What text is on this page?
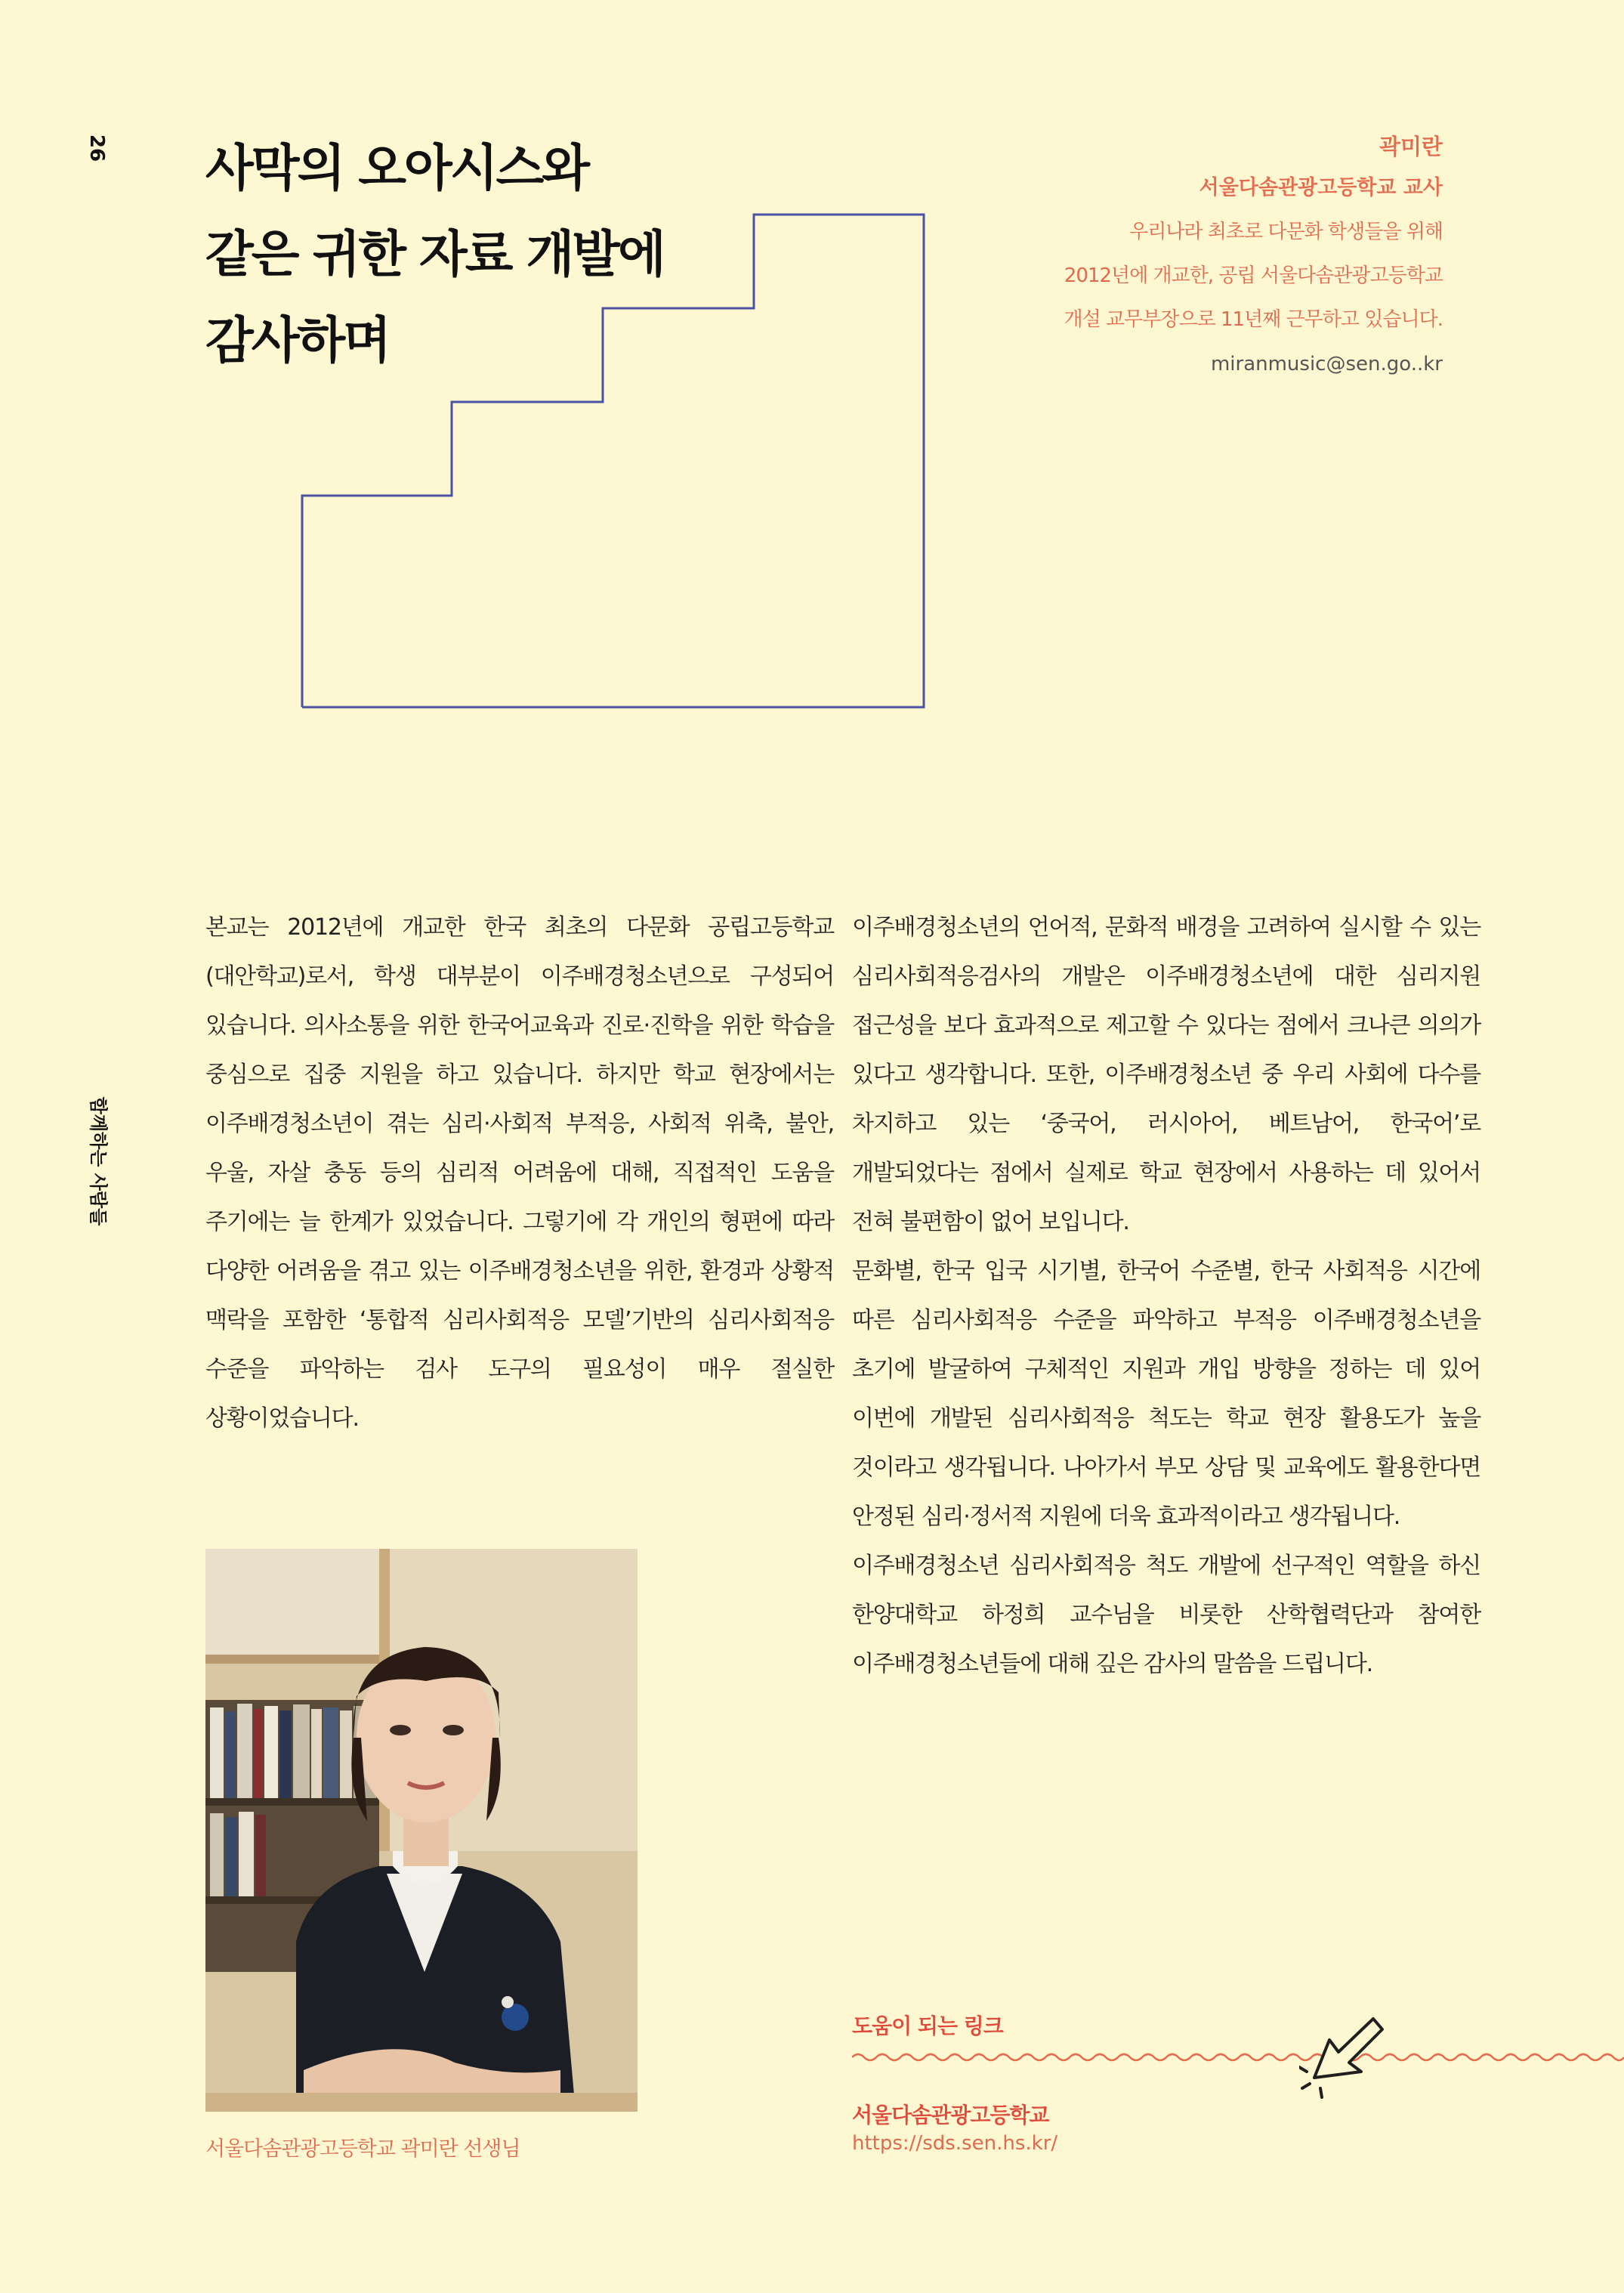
26
함께하는 사람들
사막의 오아시스와
같은 귀한 자료 개발에
감사하며
곽미란
서울다솜관광고등학교 교사
우리나라 최초로 다문화 학생들을 위해
2012년에 개교한, 공립 서울다솜관광고등학교
개설 교무부장으로 11년째 근무하고 있습니다.
miranmusic@sen.go..kr

본교는 2012년에 개교한 한국 최초의 다문화 공립고등학교(대안학교)로서, 학생 대부분이 이주배경청소년으로 구성되어 있습니다. 의사소통을 위한 한국어교육과 진로·진학을 위한 학습을 중심으로 집중 지원을 하고 있습니다. 하지만 학교 현장에서는 이주배경청소년이 겪는 심리·사회적 부적응, 사회적 위축, 불안, 우울, 자살 충동 등의 심리적 어려움에 대해, 직접적인 도움을 주기에는 늘 한계가 있었습니다. 그렇기에 각 개인의 형편에 따라 다양한 어려움을 겪고 있는 이주배경청소년을 위한, 환경과 상황적 맥락을 포함한 ‘통합적 심리사회적응 모델’기반의 심리사회적응 수준을 파악하는 검사 도구의 필요성이 매우 절실한 상황이었습니다.

이주배경청소년의 언어적, 문화적 배경을 고려하여 실시할 수 있는 심리사회적응검사의 개발은 이주배경청소년에 대한 심리지원 접근성을 보다 효과적으로 제고할 수 있다는 점에서 크나큰 의의가 있다고 생각합니다. 또한, 이주배경청소년 중 우리 사회에 다수를 차지하고 있는 ‘중국어, 러시아어, 베트남어, 한국어’로 개발되었다는 점에서 실제로 학교 현장에서 사용하는 데 있어서 전혀 불편함이 없어 보입니다.

문화별, 한국 입국 시기별, 한국어 수준별, 한국 사회적응 시간에 따른 심리사회적응 수준을 파악하고 부적응 이주배경청소년을 초기에 발굴하여 구체적인 지원과 개입 방향을 정하는 데 있어 이번에 개발된 심리사회적응 척도는 학교 현장 활용도가 높을 것이라고 생각됩니다. 나아가서 부모 상담 및 교육에도 활용한다면 안정된 심리·정서적 지원에 더욱 효과적이라고 생각됩니다.

이주배경청소년 심리사회적응 척도 개발에 선구적인 역할을 하신 한양대학교 하정희 교수님을 비롯한 산학협력단과 참여한 이주배경청소년들에 대해 깊은 감사의 말씀을 드립니다.

서울다솜관광고등학교 곽미란 선생님
도움이 되는 링크
서울다솜관광고등학교
https://sds.sen.hs.kr/
